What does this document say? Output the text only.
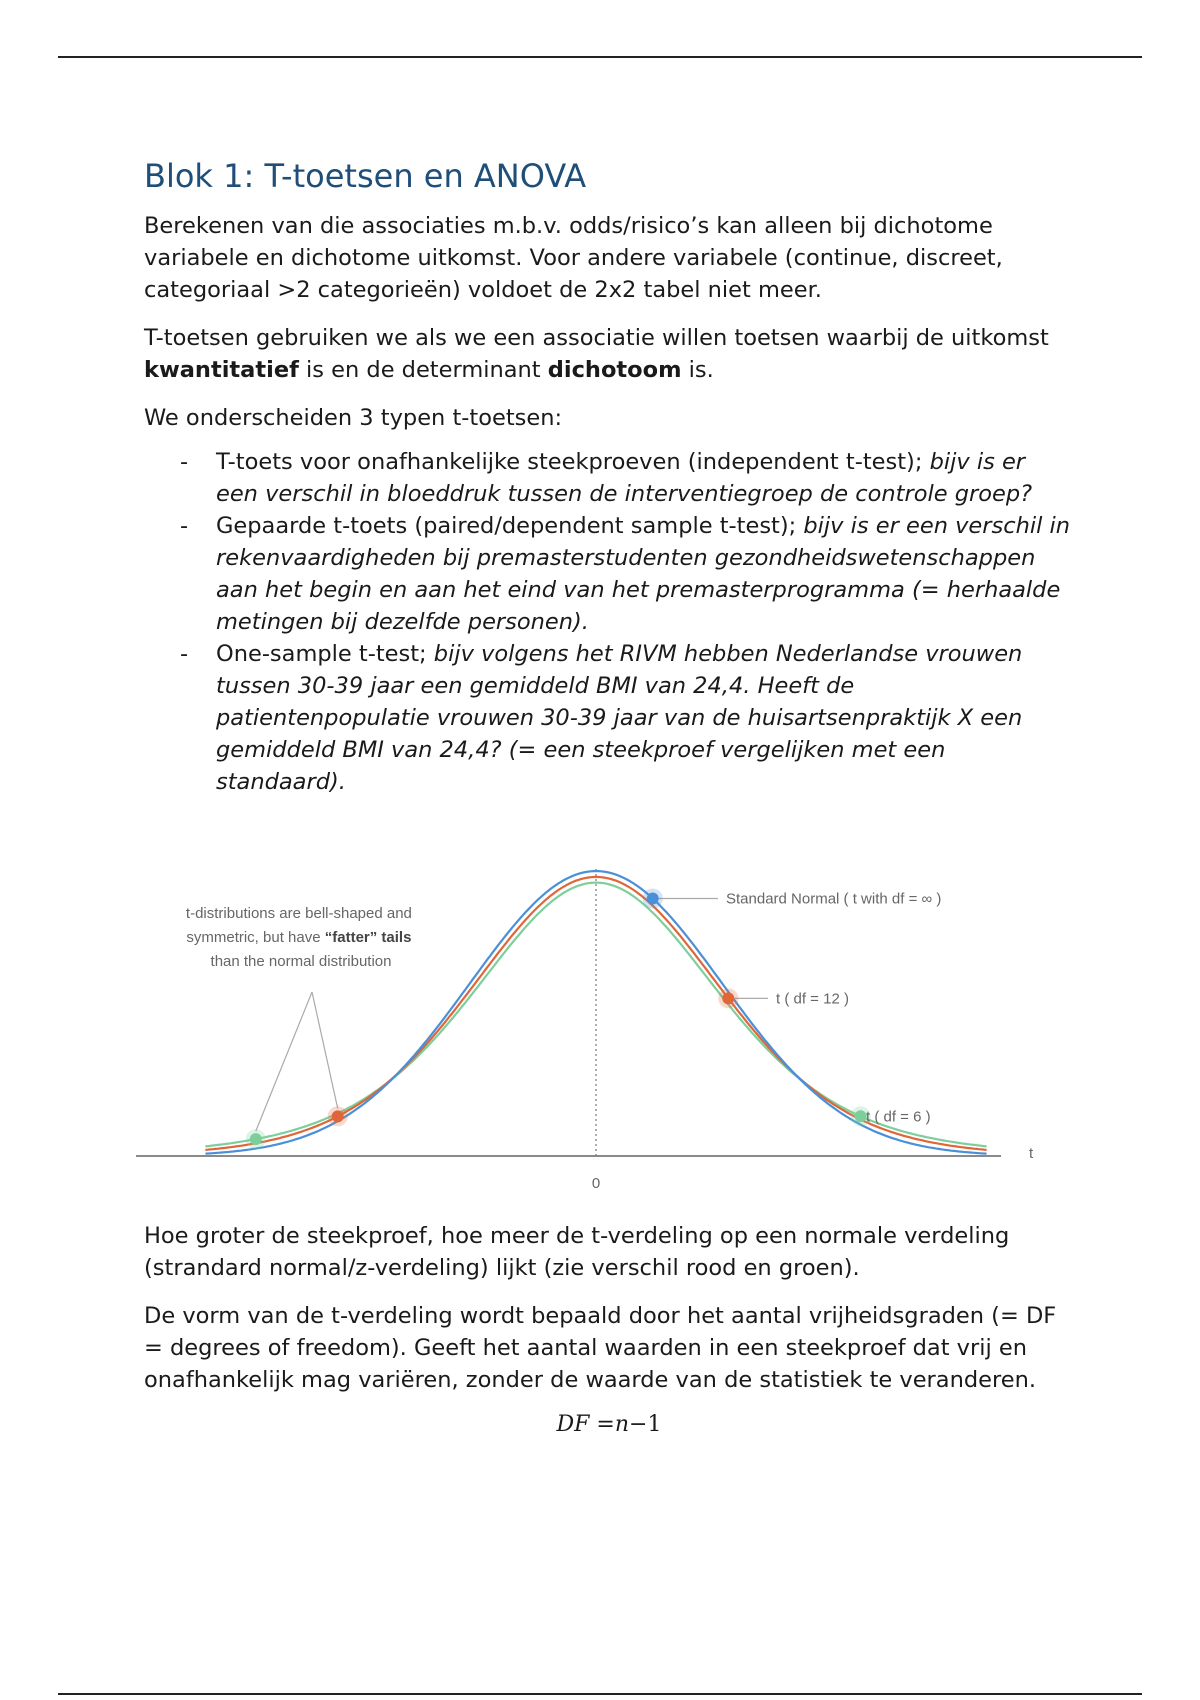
Blok 1: T-toetsen en ANOVA

Berekenen van die associaties m.b.v. odds/risico’s kan alleen bij dichotome variabele en dichotome uitkomst. Voor andere variabele (continue, discreet, categoriaal >2 categorieën) voldoet de 2x2 tabel niet meer.

T-toetsen gebruiken we als we een associatie willen toetsen waarbij de uitkomst kwantitatief is en de determinant dichotoom is.

We onderscheiden 3 typen t-toetsen:

- T-toets voor onafhankelijke steekproeven (independent t-test); bijv is er een verschil in bloeddruk tussen de interventiegroep de controle groep?
- Gepaarde t-toets (paired/dependent sample t-test); bijv is er een verschil in rekenvaardigheden bij premasterstudenten gezondheidswetenschappen aan het begin en aan het eind van het premasterprogramma (= herhaalde metingen bij dezelfde personen).
- One-sample t-test; bijv volgens het RIVM hebben Nederlandse vrouwen tussen 30-39 jaar een gemiddeld BMI van 24,4. Heeft de patientenpopulatie vrouwen 30-39 jaar van de huisartsenpraktijk X een gemiddeld BMI van 24,4? (= een steekproef vergelijken met een standaard).
t
0
Standard Normal ( t with df = ∞ )
t ( df = 12 )
t ( df = 6 )
t-distributions are bell-shaped and symmetric, but have “fatter” tails than the normal distribution

Hoe groter de steekproef, hoe meer de t-verdeling op een normale verdeling (strandard normal/z-verdeling) lijkt (zie verschil rood en groen).

De vorm van de t-verdeling wordt bepaald door het aantal vrijheidsgraden (= DF = degrees of freedom). Geeft het aantal waarden in een steekproef dat vrij en onafhankelijk mag variëren, zonder de waarde van de statistiek te veranderen.

DF =n−1
